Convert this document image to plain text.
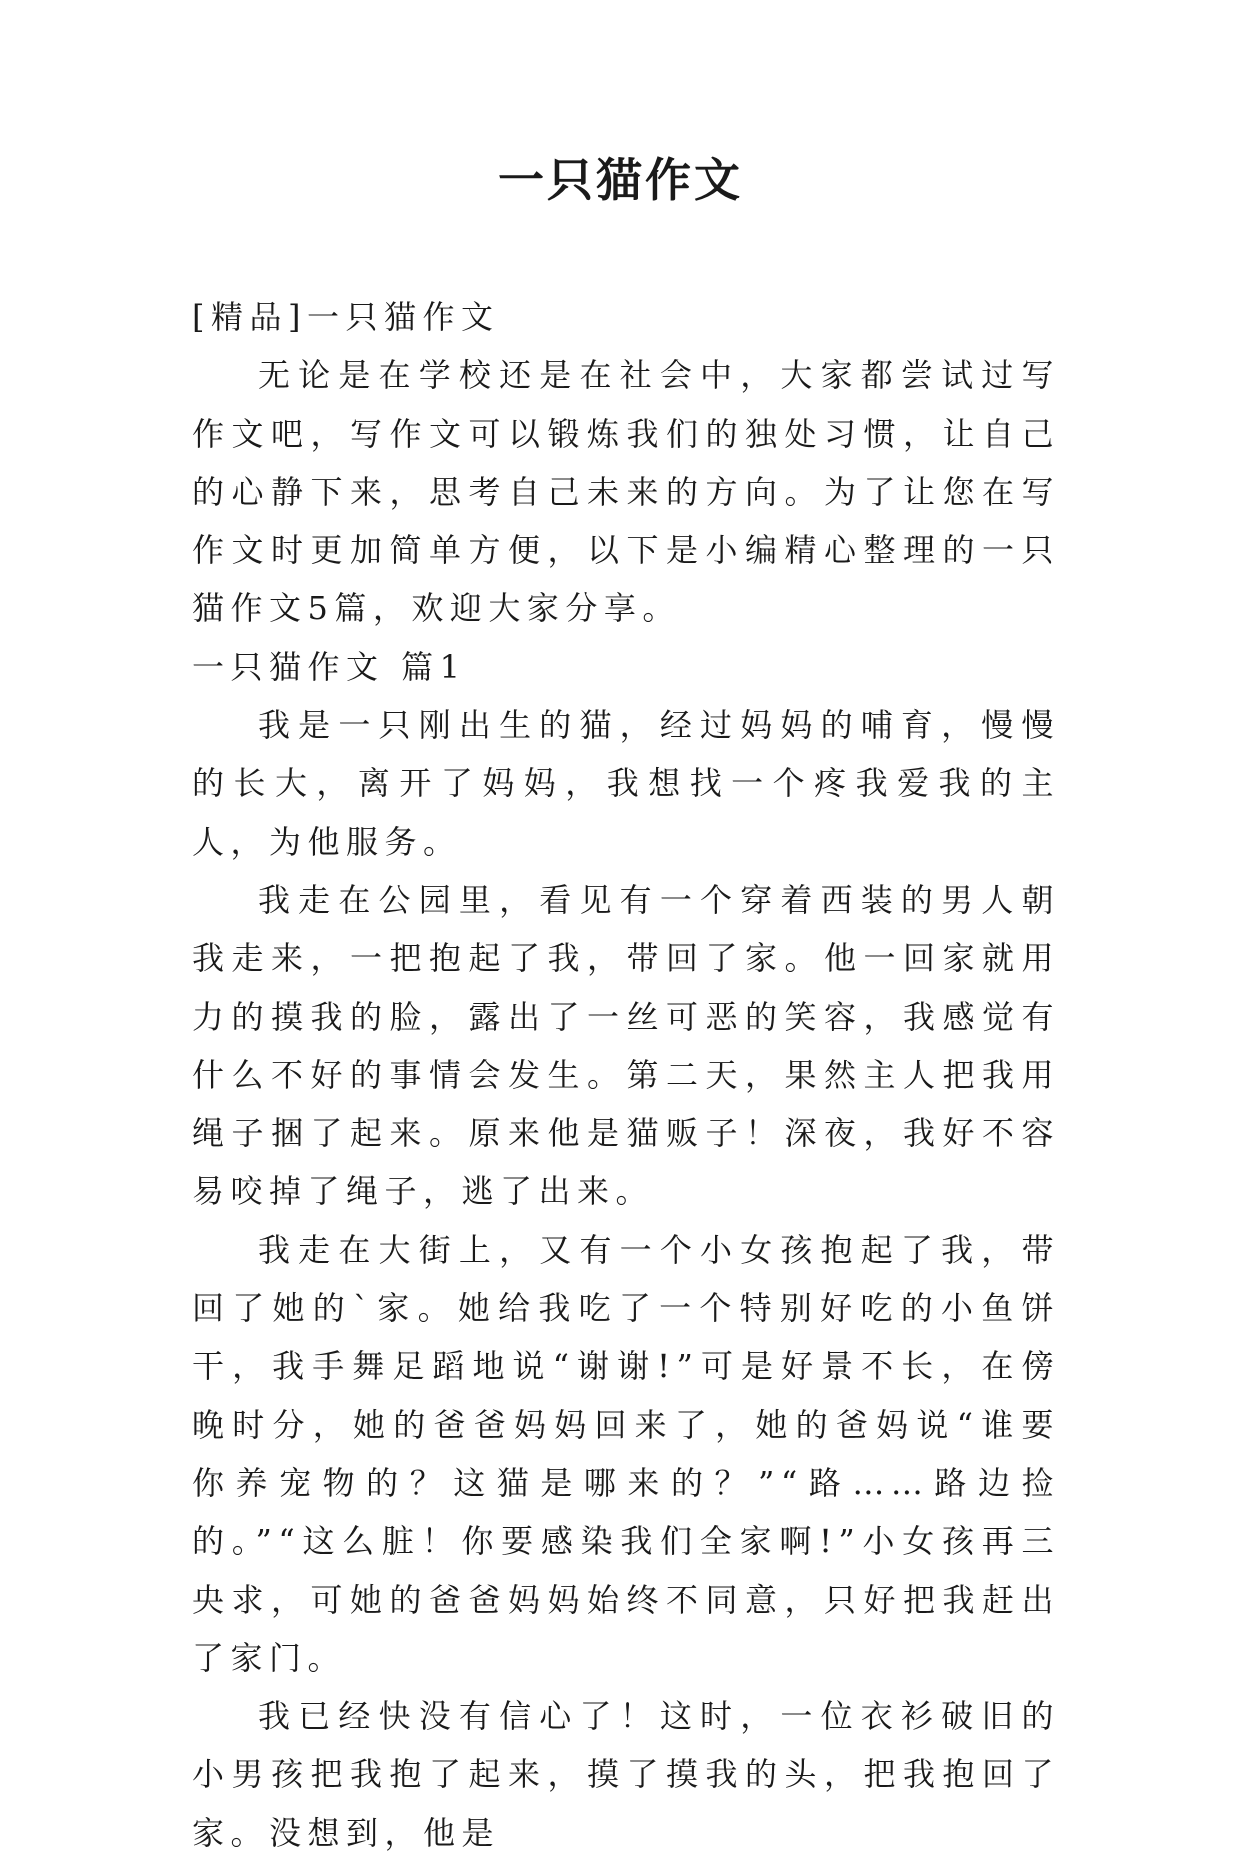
一只猫作文

[精品]一只猫作文

无论是在学校还是在社会中，大家都尝试过写作文吧，写作文可以锻炼我们的独处习惯，让自己的心静下来，思考自己未来的方向。为了让您在写作文时更加简单方便，以下是小编精心整理的一只猫作文5篇，欢迎大家分享。

一只猫作文 篇1

我是一只刚出生的猫，经过妈妈的哺育，慢慢的长大，离开了妈妈，我想找一个疼我爱我的主人，为他服务。

我走在公园里，看见有一个穿着西装的男人朝我走来，一把抱起了我，带回了家。他一回家就用力的摸我的脸，露出了一丝可恶的笑容，我感觉有什么不好的事情会发生。第二天，果然主人把我用绳子捆了起来。原来他是猫贩子！深夜，我好不容易咬掉了绳子，逃了出来。

我走在大街上，又有一个小女孩抱起了我，带回了她的`家。她给我吃了一个特别好吃的小鱼饼干，我手舞足蹈地说“谢谢!”可是好景不长，在傍晚时分，她的爸爸妈妈回来了，她的爸妈说“谁要你养宠物的？这猫是哪来的？”“路……路边捡的。”“这么脏！你要感染我们全家啊!”小女孩再三央求，可她的爸爸妈妈始终不同意，只好把我赶出了家门。

我已经快没有信心了！这时，一位衣衫破旧的小男孩把我抱了起来，摸了摸我的头，把我抱回了家。没想到，他是
